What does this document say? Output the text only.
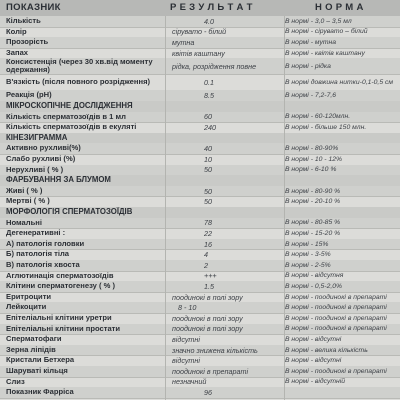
ПОКАЗНИК	Р Е З У Л Ь Т А Т	Н О Р М А
Кількість	4.0	В нормі - 3,0 – 3,5 мл
Колір	сірувато - білий	В нормі - сірувато – білий
Прозорість	мутна	В нормі - мутна
Запах	квітів каштану	В нормі - квітів каштану
Консистенція (через 30 хв.від моменту одержання)	рідка, розрідження повне	В нормі - рідка
В'язкість (після повного розрідження)	0.1	В нормі довжина нитки-0,1-0,5 см
Реакція (рН)	8.5	В нормі - 7,2-7,6
МІКРОСКОПІЧНЕ ДОСЛІДЖЕННЯ
Кількість сперматозоїдів в 1 мл	60	В нормі - 60-120млн.
Кількість сперматозоїдів в екуляті	240	В нормі - більше 150 млн.
КІНЕЗИГРАММА
Активно рухливі(%)	40	В нормі - 80-90%
Слабо рухливі (%)	10	В нормі - 10 - 12%
Нерухливі ( % )	50	В нормі - 6-10 %
ФАРБУВАННЯ ЗА БЛУМОМ
Живі ( % )	50	В нормі - 80-90 %
Мертві ( % )	50	В нормі - 20-10 %
МОРФОЛОГІЯ СПЕРМАТОЗОЇДІВ
Номальні	78	В нормі - 80-85 %
Дегенеративні :	22	В нормі - 15-20 %
А) патологія головки	16	В нормі - 15%
Б) патологія тіла	4	В нормі - 3-5%
В) патологія хвоста	2	В нормі - 2-5%
Аглютинація сперматозоїдів	+++	В нормі - відсутня
Клітини сперматогенезу ( % )	1.5	В нормі - 0,5-2,0%
Еритроцити	поодинокі в полі зору	В нормі - поодинокі в препараті
Лейкоцити	8 - 10	В нормі - поодинокі в препараті
Епітеліальні клітини уретри	поодинокі в полі зору	В нормі - поодинокі в препараті
Епітеліальні клітини простати	поодинокі в полі зору	В нормі - поодинокі в препараті
Сперматофаги	відсутні	В нормі - відсутні
Зерна ліпідів	значно знижена кількість	В нормі - велика кількість
Кристали Бетхера	відсутні	В нормі - відсутні
Шаруваті кільця	поодинокі в препараті	В нормі - поодинокі в препараті
Слиз	незначний	В нормі - відсутній
Показник Фарріса	96
